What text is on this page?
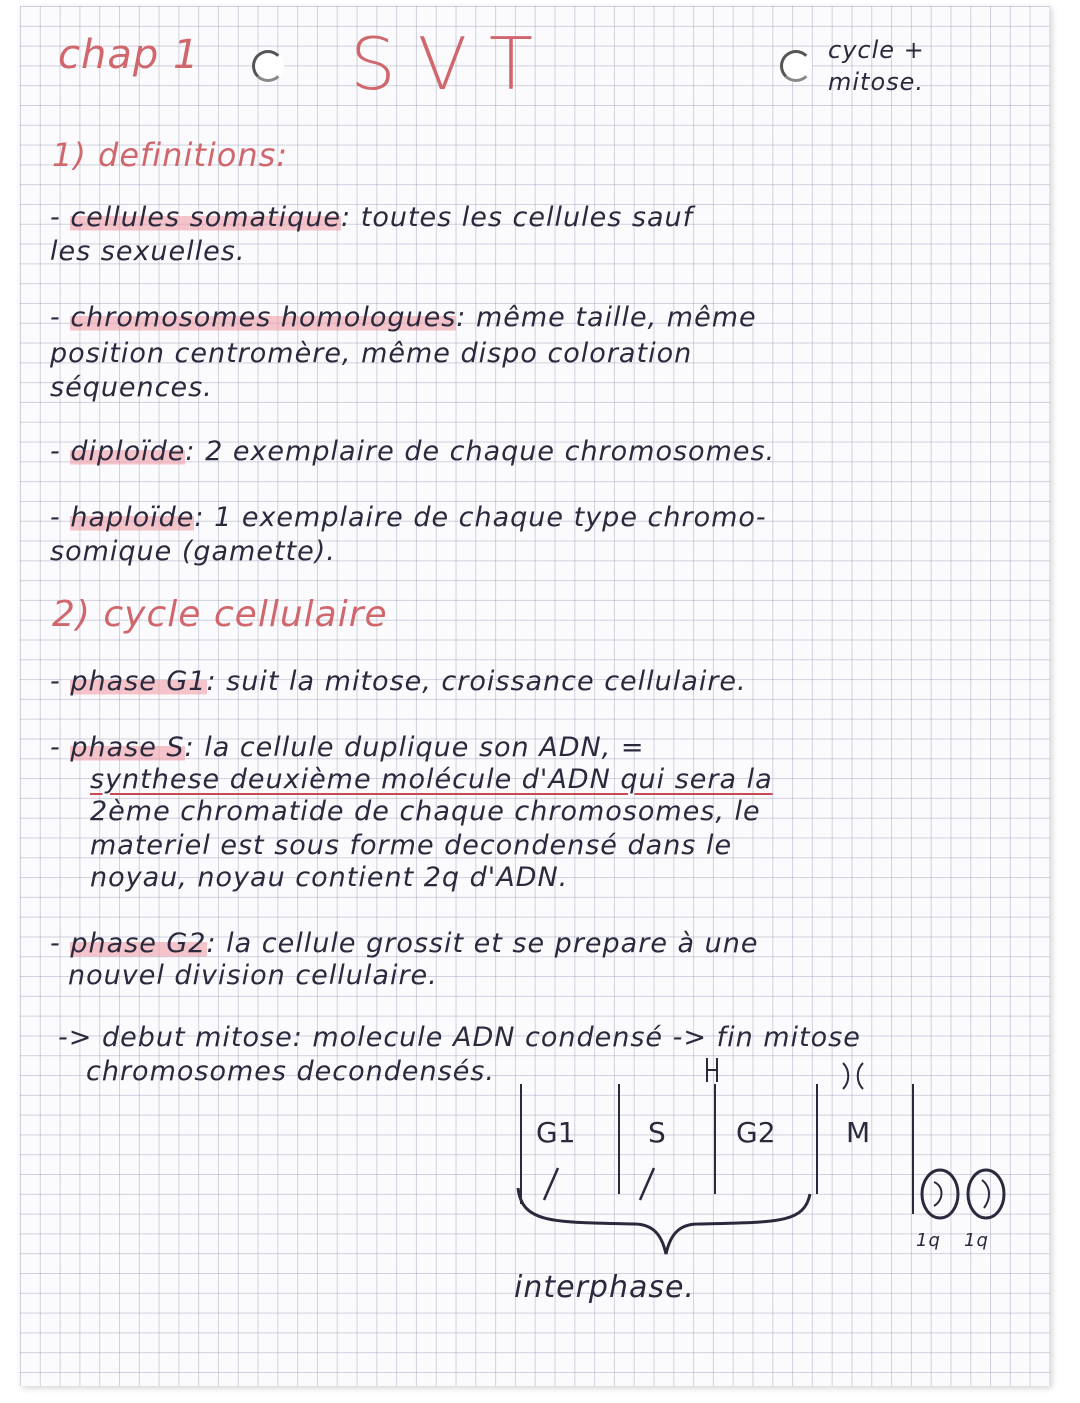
chap 1 SVT	cycle +
mitose.
1) definitions:
- cellules somatique: toutes les cellules sauf
les sexuelles.
- chromosomes homologues: même taille, même
position centromère, même dispo coloration
séquences.
- diploïde: 2 exemplaire de chaque chromosomes.
- haploïde: 1 exemplaire de chaque type chromo-
somique (gamette).
2) cycle cellulaire
- phase G1: suit la mitose, croissance cellulaire.
- phase S: la cellule duplique son ADN, =
synthese deuxième molécule d'ADN qui sera la
2ème chromatide de chaque chromosomes, le
materiel est sous forme decondensé dans le
noyau, noyau contient 2q d'ADN.
- phase G2: la cellule grossit et se prepare à une
nouvel division cellulaire.
-> debut mitose: molecule ADN condensé -> fin mitose
chromosomes decondensés.
G1	S	G2	M
1q 1q
interphase.
